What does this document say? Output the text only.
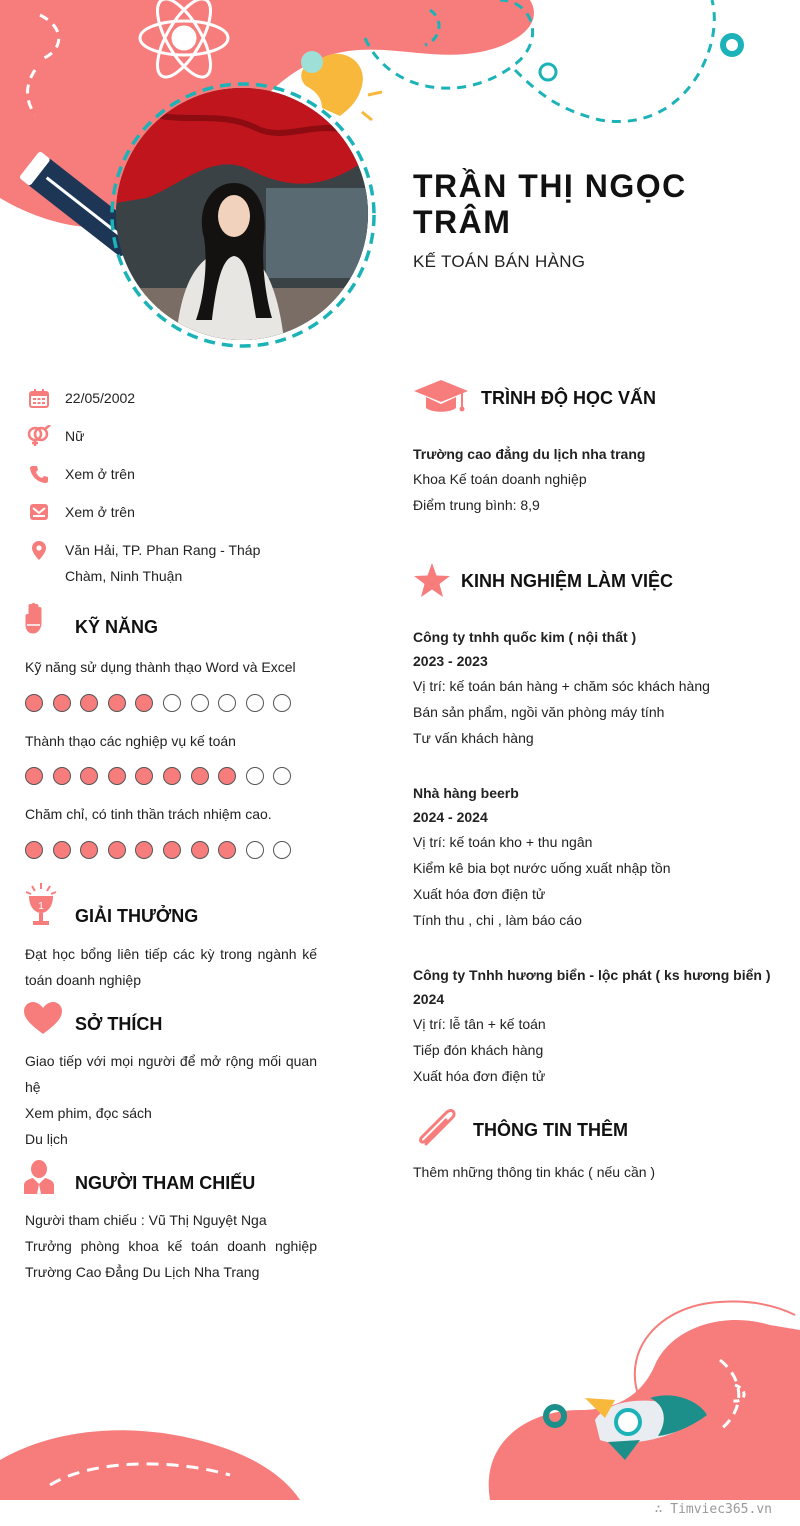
TRẦN THỊ NGỌC TRÂM
KẾ TOÁN BÁN HÀNG
22/05/2002
Nữ
Xem ở trên
Xem ở trên
Văn Hải, TP. Phan Rang - Tháp Chàm, Ninh Thuận
KỸ NĂNG
Kỹ năng sử dụng thành thạo Word và Excel
Thành thạo các nghiệp vụ kế toán
Chăm chỉ, có tinh thần trách nhiệm cao.
1 GIẢI THƯỞNG
Đạt học bổng liên tiếp các kỳ trong ngành kế toán doanh nghiệp
SỞ THÍCH
Giao tiếp với mọi người để mở rộng mối quan hệ
Xem phim, đọc sách
Du lịch
NGƯỜI THAM CHIẾU
Người tham chiếu : Vũ Thị Nguyệt Nga
Trưởng phòng khoa kế toán doanh nghiệp
Trường Cao Đẳng Du Lịch Nha Trang
TRÌNH ĐỘ HỌC VẤN
Trường cao đẳng du lịch nha trang
Khoa Kế toán doanh nghiệp
Điểm trung bình: 8,9
KINH NGHIỆM LÀM VIỆC
Công ty tnhh quốc kim ( nội thất )
2023 - 2023
Vị trí: kế toán bán hàng + chăm sóc khách hàng
Bán sản phẩm, ngồi văn phòng máy tính
Tư vấn khách hàng
Nhà hàng beerb
2024 - 2024
Vị trí: kế toán kho + thu ngân
Kiểm kê bia bọt nước uống xuất nhập tồn
Xuất hóa đơn điện tử
Tính thu , chi , làm báo cáo
Công ty Tnhh hương biển - lộc phát ( ks hương biển )
2024
Vị trí: lễ tân + kế toán
Tiếp đón khách hàng
Xuất hóa đơn điện tử
THÔNG TIN THÊM
Thêm những thông tin khác ( nếu cần )
∴ Timviec365.vn
